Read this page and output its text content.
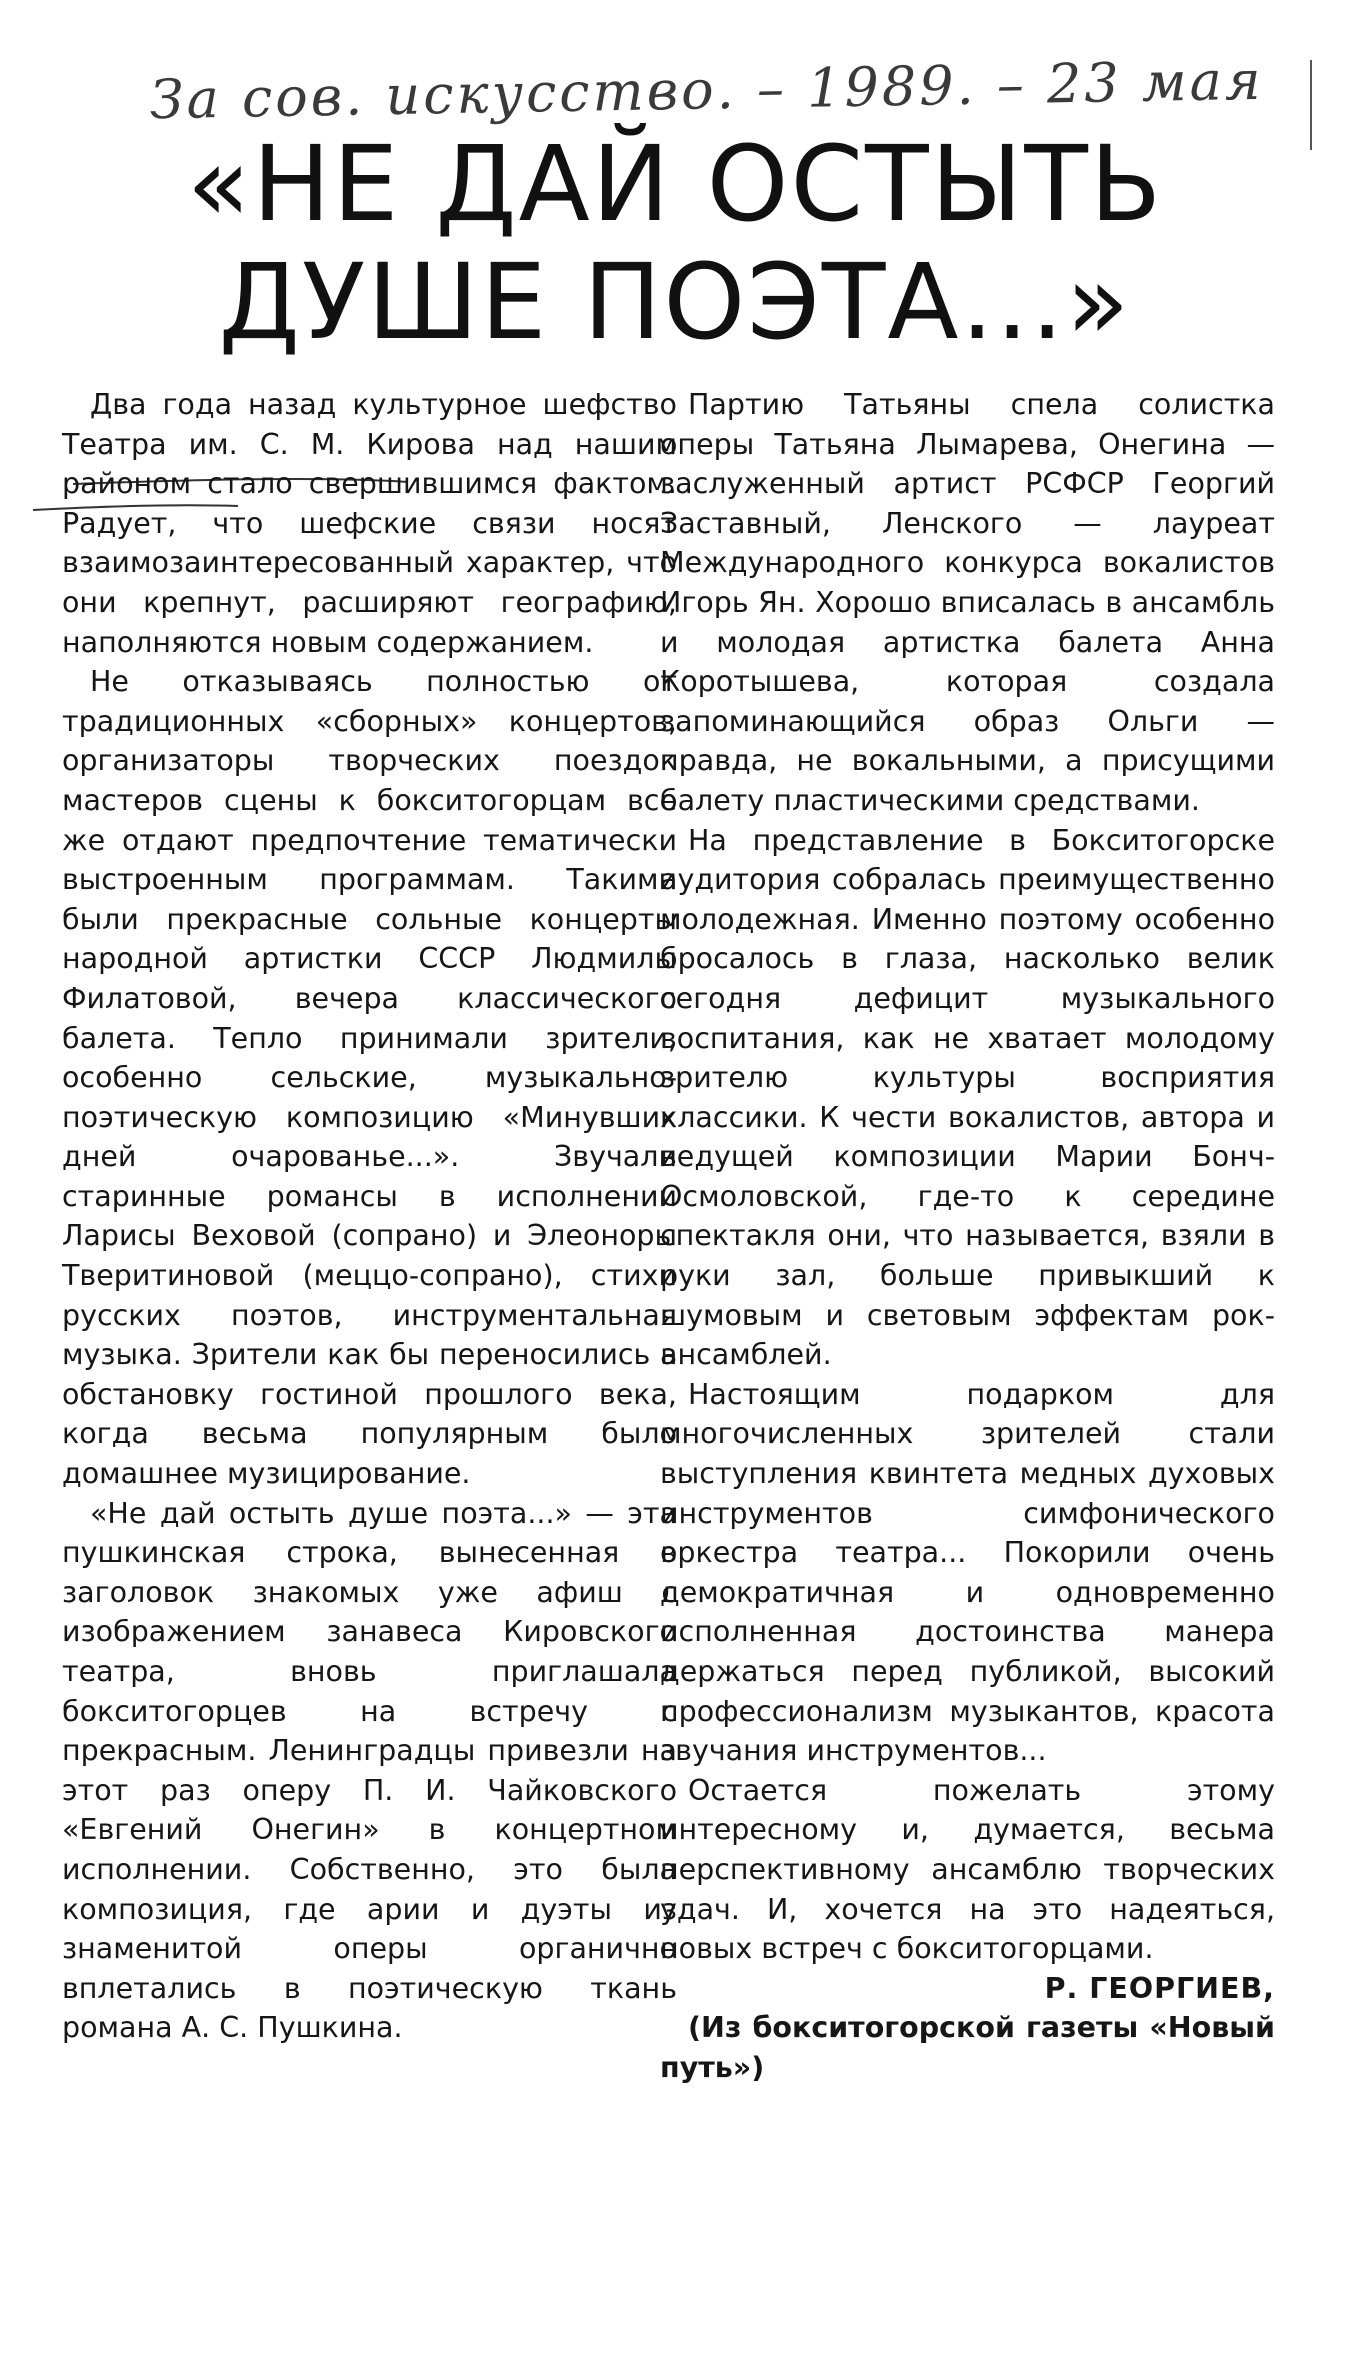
За сов. искусство. – 1989. – 23 мая
«НЕ ДАЙ ОСТЫТЬ
ДУШЕ ПОЭТА...»

Два года назад культурное шефство Театра им. С. М. Кирова над нашим районом стало свершившимся фактом. Радует, что шефские связи носят взаимозаинтересованный характер, что они крепнут, расширяют географию, наполняются новым содержанием.

Не отказываясь полностью от традиционных «сборных» концертов, организаторы творческих поездок мастеров сцены к бокситогорцам все же отдают предпочтение тематически выстроенным программам. Такими были прекрасные сольные концерты народной артистки СССР Людмилы Филатовой, вечера классического балета. Тепло принимали зрители, особенно сельские, музыкально-поэтическую композицию «Минувших дней очарованье...». Звучали старинные романсы в исполнении Ларисы Веховой (сопрано) и Элеоноры Тверитиновой (меццо-сопрано), стихи русских поэтов, инструментальная музыка. Зрители как бы переносились в обстановку гостиной прошлого века, когда весьма популярным было домашнее музицирование.

«Не дай остыть душе поэта...» — эта пушкинская строка, вынесенная в заголовок знакомых уже афиш с изображением занавеса Кировского театра, вновь приглашала бокситогорцев на встречу с прекрасным. Ленинградцы привезли на этот раз оперу П. И. Чайковского «Евгений Онегин» в концертном исполнении. Собственно, это была композиция, где арии и дуэты из знаменитой оперы органично вплетались в поэтическую ткань романа А. С. Пушкина.

Партию Татьяны спела солистка оперы Татьяна Лымарева, Онегина — заслуженный артист РСФСР Георгий Заставный, Ленского — лауреат Международного конкурса вокалистов Игорь Ян. Хорошо вписалась в ансамбль и молодая артистка балета Анна Коротышева, которая создала запоминающийся образ Ольги — правда, не вокальными, а присущими балету пластическими средствами.

На представление в Бокситогорске аудитория собралась преимущественно молодежная. Именно поэтому особенно бросалось в глаза, насколько велик сегодня дефицит музыкального воспитания, как не хватает молодому зрителю культуры восприятия классики. К чести вокалистов, автора и ведущей композиции Марии Бонч-Осмоловской, где-то к середине спектакля они, что называется, взяли в руки зал, больше привыкший к шумовым и световым эффектам рок-ансамблей.

Настоящим подарком для многочисленных зрителей стали выступления квинтета медных духовых инструментов симфонического оркестра театра... Покорили очень демократичная и одновременно исполненная достоинства манера держаться перед публикой, высокий профессионализм музыкантов, красота звучания инструментов...

Остается пожелать этому интересному и, думается, весьма перспективному ансамблю творческих удач. И, хочется на это надеяться, новых встреч с бокситогорцами.

Р. ГЕОРГИЕВ,

(Из бокситогорской газеты «Новый путь»)
